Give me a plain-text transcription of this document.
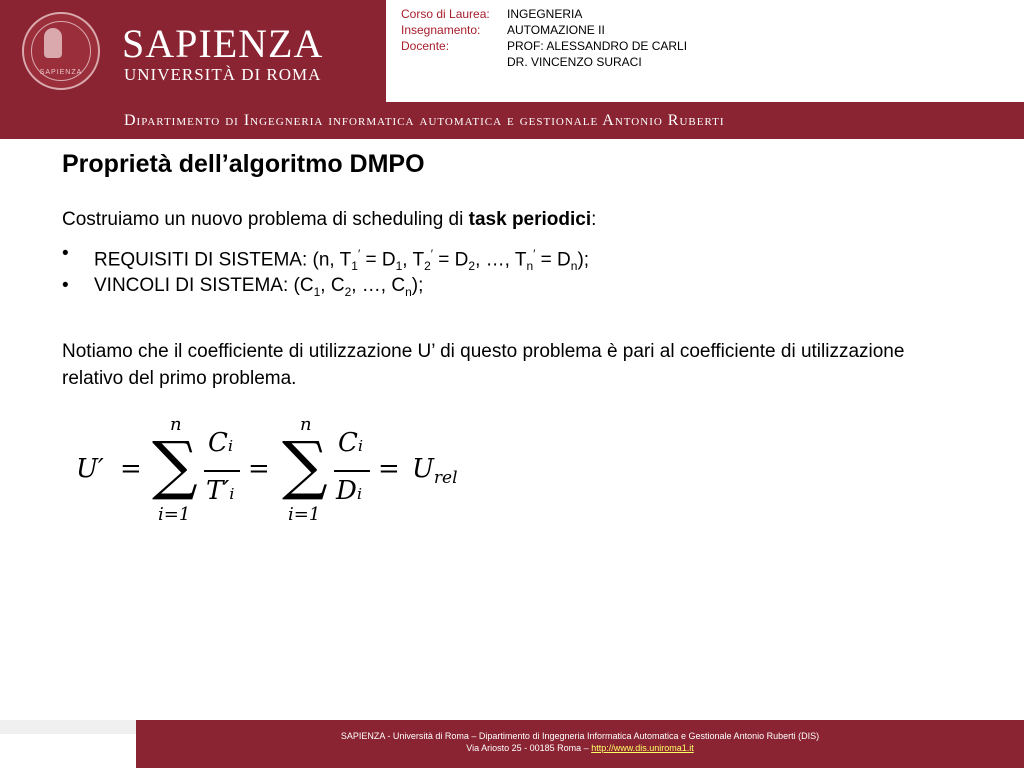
SAPIENZA
SAPIENZA
UNIVERSITÀ DI ROMA
Corso di Laurea:	INGEGNERIA
Insegnamento:	AUTOMAZIONE II
Docente:	PROF: ALESSANDRO DE CARLI
DR. VINCENZO SURACI
Dipartimento di Ingegneria informatica automatica e gestionale Antonio Ruberti
Proprietà dell’algoritmo DMPO
Costruiamo un nuovo problema di scheduling di task periodici:
• REQUISITI DI SISTEMA: (n, $T_1' = D_1$, $T_2' = D_2$, …, $T_n' = D_n$);
• VINCOLI DI SISTEMA: ($C_1$, $C_2$, …, $C_n$);
Notiamo che il coefficiente di utilizzazione U’ di questo problema è pari al coefficiente di utilizzazione relativo del primo problema.
U′ =
n
∑
i=1
Cᵢ
T′ᵢ
=
n
∑
i=1
Cᵢ
Dᵢ
= $U_{rel}$
SAPIENZA - Università di Roma – Dipartimento di Ingegneria Informatica Automatica e Gestionale Antonio Ruberti (DIS)
Via Ariosto 25 - 00185 Roma – http://www.dis.uniroma1.it
